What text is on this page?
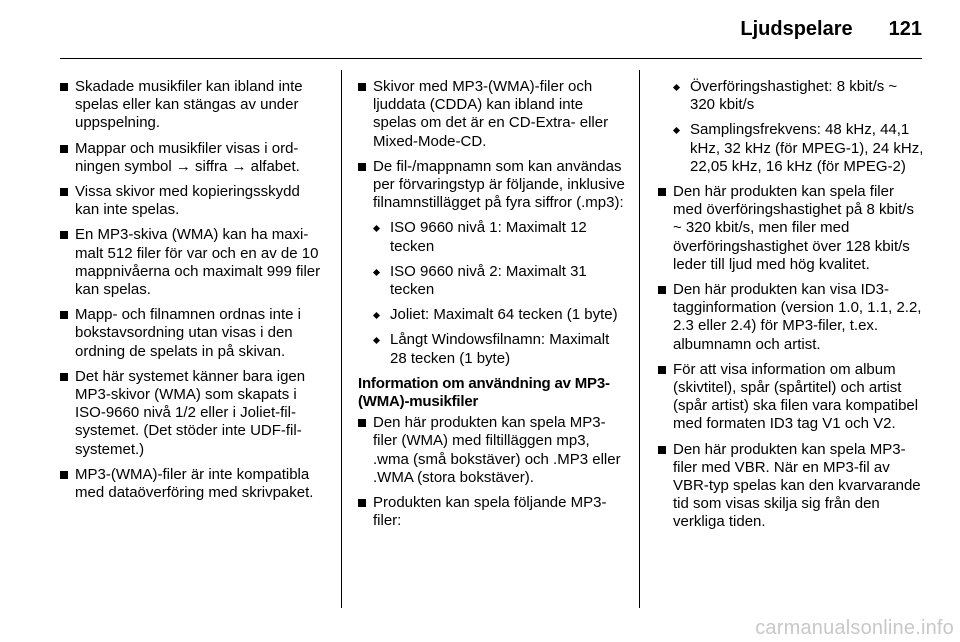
Ljudspelare 121
Skadade musikfiler kan ibland inte spelas eller kan stängas av under uppspelning.
Mappar och musikfiler visas i ordningen symbol → siffra → alfabet.
Vissa skivor med kopieringsskydd kan inte spelas.
En MP3-skiva (WMA) kan ha maximalt 512 filer för var och en av de 10 mappnivåerna och maximalt 999 filer kan spelas.
Mapp- och filnamnen ordnas inte i bokstavsordning utan visas i den ordning de spelats in på skivan.
Det här systemet känner bara igen MP3-skivor (WMA) som skapats i ISO-9660 nivå 1/2 eller i Joliet-filsystemet. (Det stöder inte UDF-filsystemet.)
MP3-(WMA)-filer är inte kompatibla med dataöverföring med skrivpaket.
Skivor med MP3-(WMA)-filer och ljuddata (CDDA) kan ibland inte spelas om det är en CD-Extra- eller Mixed-Mode-CD.
De fil-/mappnamn som kan användas per förvaringstyp är följande, inklusive filnamnstillägget på fyra siffror (.mp3):
ISO 9660 nivå 1: Maximalt 12 tecken
ISO 9660 nivå 2: Maximalt 31 tecken
Joliet: Maximalt 64 tecken (1 byte)
Långt Windowsfilnamn: Maximalt 28 tecken (1 byte)
Information om användning av MP3-(WMA)-musikfiler
Den här produkten kan spela MP3-filer (WMA) med filtilläggen mp3, .wma (små bokstäver) och .MP3 eller .WMA (stora bokstäver).
Produkten kan spela följande MP3-filer:
Överföringshastighet: 8 kbit/s ~ 320 kbit/s
Samplingsfrekvens: 48 kHz, 44,1 kHz, 32 kHz (för MPEG-1), 24 kHz, 22,05 kHz, 16 kHz (för MPEG-2)
Den här produkten kan spela filer med överföringshastighet på 8 kbit/s ~ 320 kbit/s, men filer med överföringshastighet över 128 kbit/s leder till ljud med hög kvalitet.
Den här produkten kan visa ID3-tagginformation (version 1.0, 1.1, 2.2, 2.3 eller 2.4) för MP3-filer, t.ex. albumnamn och artist.
För att visa information om album (skivtitel), spår (spårtitel) och artist (spår artist) ska filen vara kompatibel med formaten ID3 tag V1 och V2.
Den här produkten kan spela MP3-filer med VBR. När en MP3-fil av VBR-typ spelas kan den kvarvarande tid som visas skilja sig från den verkliga tiden.
carmanualsonline.info
